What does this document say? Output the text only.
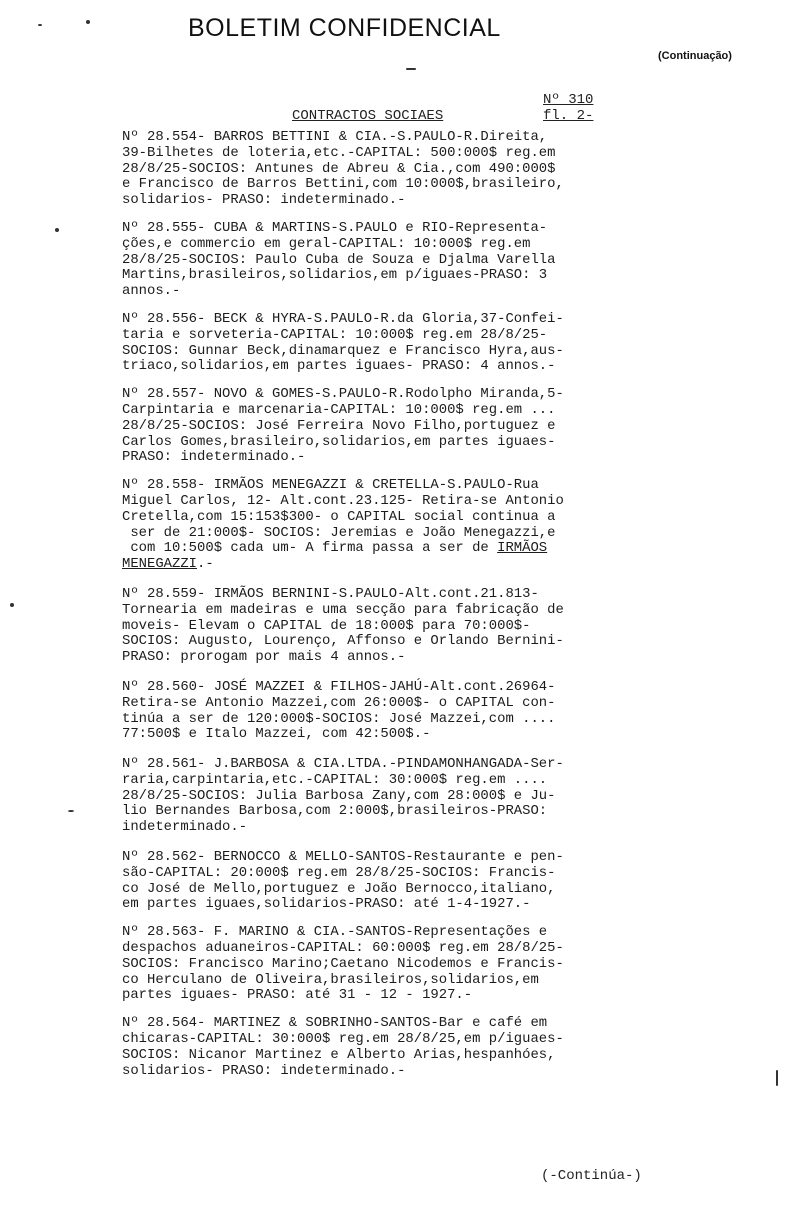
BOLETIM CONFIDENCIAL
(Continuação)
Nº 310
fl. 2-
CONTRACTOS SOCIAES
Nº 28.554- BARROS BETTINI & CIA.-S.PAULO-R.Direita,
39-Bilhetes de loteria,etc.-CAPITAL: 500:000$ reg.em
28/8/25-SOCIOS: Antunes de Abreu & Cia.,com 490:000$
e Francisco de Barros Bettini,com 10:000$,brasileiro,
solidarios- PRASO: indeterminado.-
Nº 28.555- CUBA & MARTINS-S.PAULO e RIO-Representa-
ções,e commercio em geral-CAPITAL: 10:000$ reg.em
28/8/25-SOCIOS: Paulo Cuba de Souza e Djalma Varella
Martins,brasileiros,solidarios,em p/iguaes-PRASO: 3
annos.-
Nº 28.556- BECK & HYRA-S.PAULO-R.da Gloria,37-Confei-
taria e sorveteria-CAPITAL: 10:000$ reg.em 28/8/25-
SOCIOS: Gunnar Beck,dinamarquez e Francisco Hyra,aus-
triaco,solidarios,em partes iguaes- PRASO: 4 annos.-
Nº 28.557- NOVO & GOMES-S.PAULO-R.Rodolpho Miranda,5-
Carpintaria e marcenaria-CAPITAL: 10:000$ reg.em ...
28/8/25-SOCIOS: José Ferreira Novo Filho,portuguez e
Carlos Gomes,brasileiro,solidarios,em partes iguaes-
PRASO: indeterminado.-
Nº 28.558- IRMÃOS MENEGAZZI & CRETELLA-S.PAULO-Rua
Miguel Carlos, 12- Alt.cont.23.125- Retira-se Antonio
Cretella,com 15:153$300- o CAPITAL social continua a
ser de 21:000$- SOCIOS: Jeremias e João Menegazzi,e
com 10:500$ cada um- A firma passa a ser de IRMÃOS
MENEGAZZI.-
Nº 28.559- IRMÃOS BERNINI-S.PAULO-Alt.cont.21.813-
Tornearia em madeiras e uma secção para fabricação de
moveis- Elevam o CAPITAL de 18:000$ para 70:000$-
SOCIOS: Augusto, Lourenço, Affonso e Orlando Bernini-
PRASO: prorogam por mais 4 annos.-
Nº 28.560- JOSÉ MAZZEI & FILHOS-JAHÚ-Alt.cont.26964-
Retira-se Antonio Mazzei,com 26:000$- o CAPITAL con-
tinúa a ser de 120:000$-SOCIOS: José Mazzei,com ....
77:500$ e Italo Mazzei, com 42:500$.-
Nº 28.561- J.BARBOSA & CIA.LTDA.-PINDAMONHANGADA-Ser-
raria,carpintaria,etc.-CAPITAL: 30:000$ reg.em ....
28/8/25-SOCIOS: Julia Barbosa Zany,com 28:000$ e Ju-
lio Bernandes Barbosa,com 2:000$,brasileiros-PRASO:
indeterminado.-
Nº 28.562- BERNOCCO & MELLO-SANTOS-Restaurante e pen-
são-CAPITAL: 20:000$ reg.em 28/8/25-SOCIOS: Francis-
co José de Mello,portuguez e João Bernocco,italiano,
em partes iguaes,solidarios-PRASO: até 1-4-1927.-
Nº 28.563- F. MARINO & CIA.-SANTOS-Representações e
despachos aduaneiros-CAPITAL: 60:000$ reg.em 28/8/25-
SOCIOS: Francisco Marino;Caetano Nicodemos e Francis-
co Herculano de Oliveira,brasileiros,solidarios,em
partes iguaes- PRASO: até 31 - 12 - 1927.-
Nº 28.564- MARTINEZ & SOBRINHO-SANTOS-Bar e café em
chicaras-CAPITAL: 30:000$ reg.em 28/8/25,em p/iguaes-
SOCIOS: Nicanor Martinez e Alberto Arias,hespanhóes,
solidarios- PRASO: indeterminado.-
(-Continúa-)
